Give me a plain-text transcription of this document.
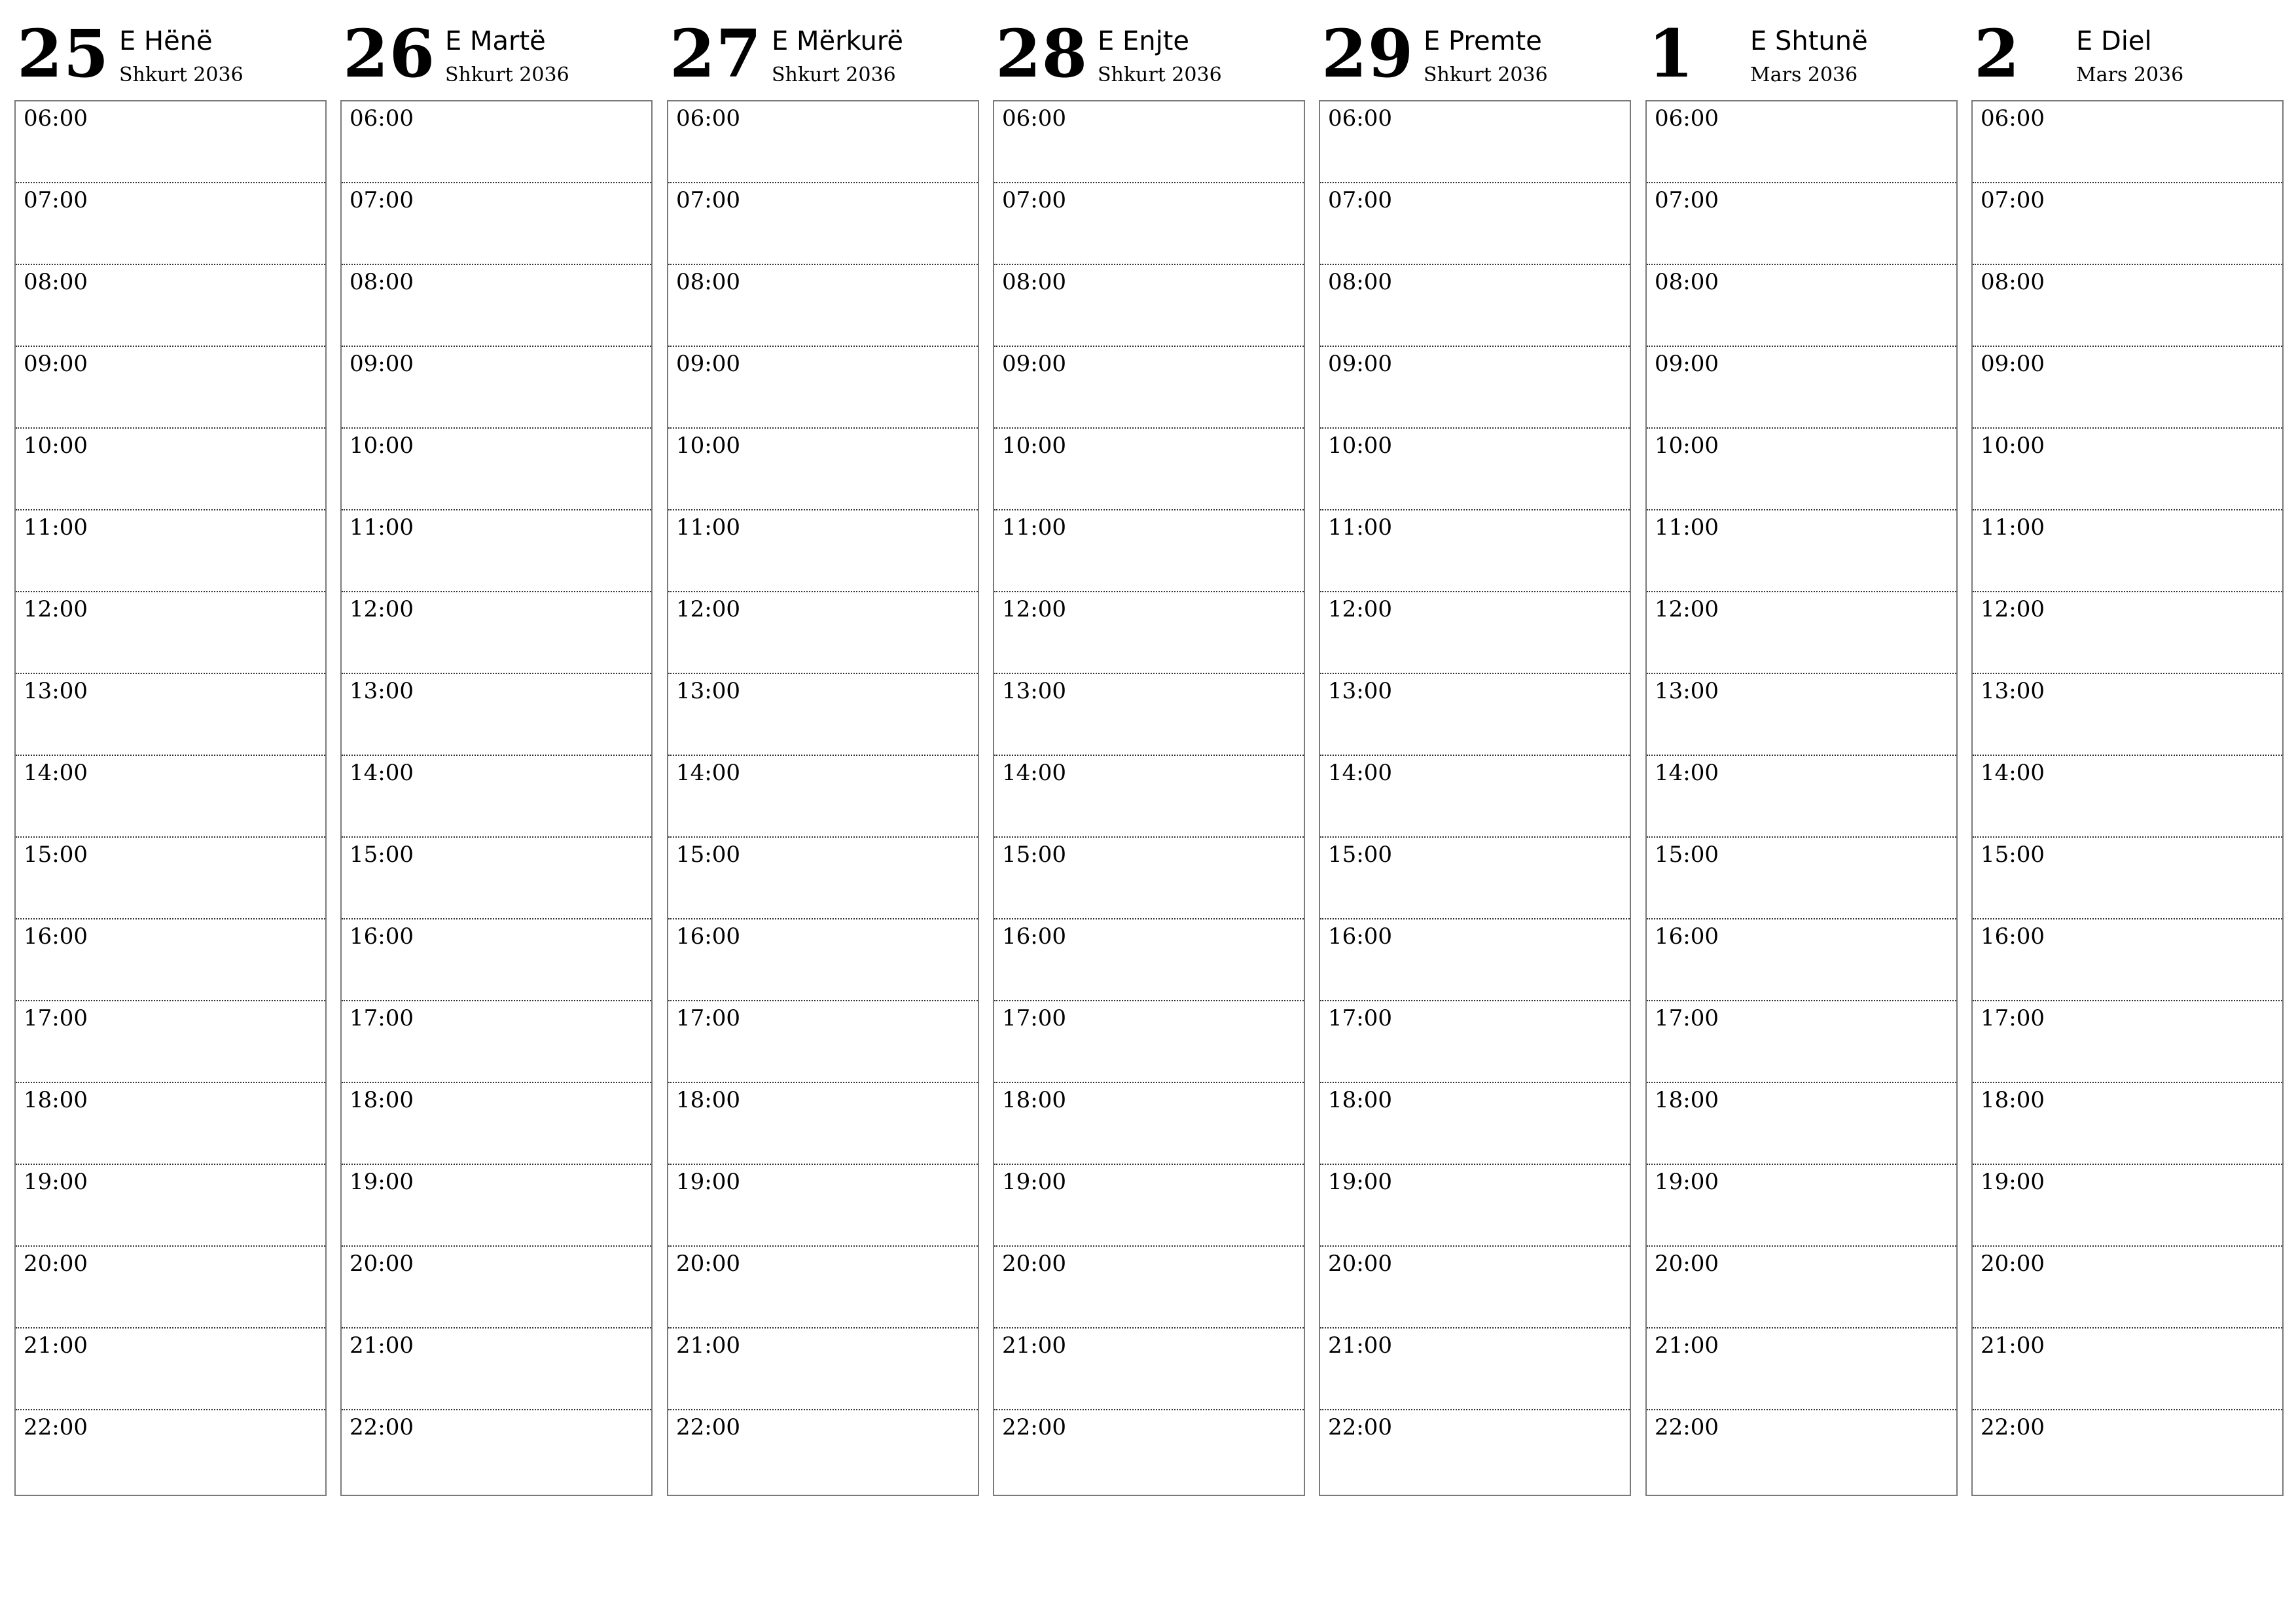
25 E Hënë
Shkurt 2036
06:00
07:00
08:00
09:00
10:00
11:00
12:00
13:00
14:00
15:00
16:00
17:00
18:00
19:00
20:00
21:00
22:00
26 E Martë
Shkurt 2036
06:00
07:00
08:00
09:00
10:00
11:00
12:00
13:00
14:00
15:00
16:00
17:00
18:00
19:00
20:00
21:00
22:00
27 E Mërkurë
Shkurt 2036
06:00
07:00
08:00
09:00
10:00
11:00
12:00
13:00
14:00
15:00
16:00
17:00
18:00
19:00
20:00
21:00
22:00
28 E Enjte
Shkurt 2036
06:00
07:00
08:00
09:00
10:00
11:00
12:00
13:00
14:00
15:00
16:00
17:00
18:00
19:00
20:00
21:00
22:00
29 E Premte
Shkurt 2036
06:00
07:00
08:00
09:00
10:00
11:00
12:00
13:00
14:00
15:00
16:00
17:00
18:00
19:00
20:00
21:00
22:00
1 E Shtunë
Mars 2036
06:00
07:00
08:00
09:00
10:00
11:00
12:00
13:00
14:00
15:00
16:00
17:00
18:00
19:00
20:00
21:00
22:00
2 E Diel
Mars 2036
06:00
07:00
08:00
09:00
10:00
11:00
12:00
13:00
14:00
15:00
16:00
17:00
18:00
19:00
20:00
21:00
22:00
